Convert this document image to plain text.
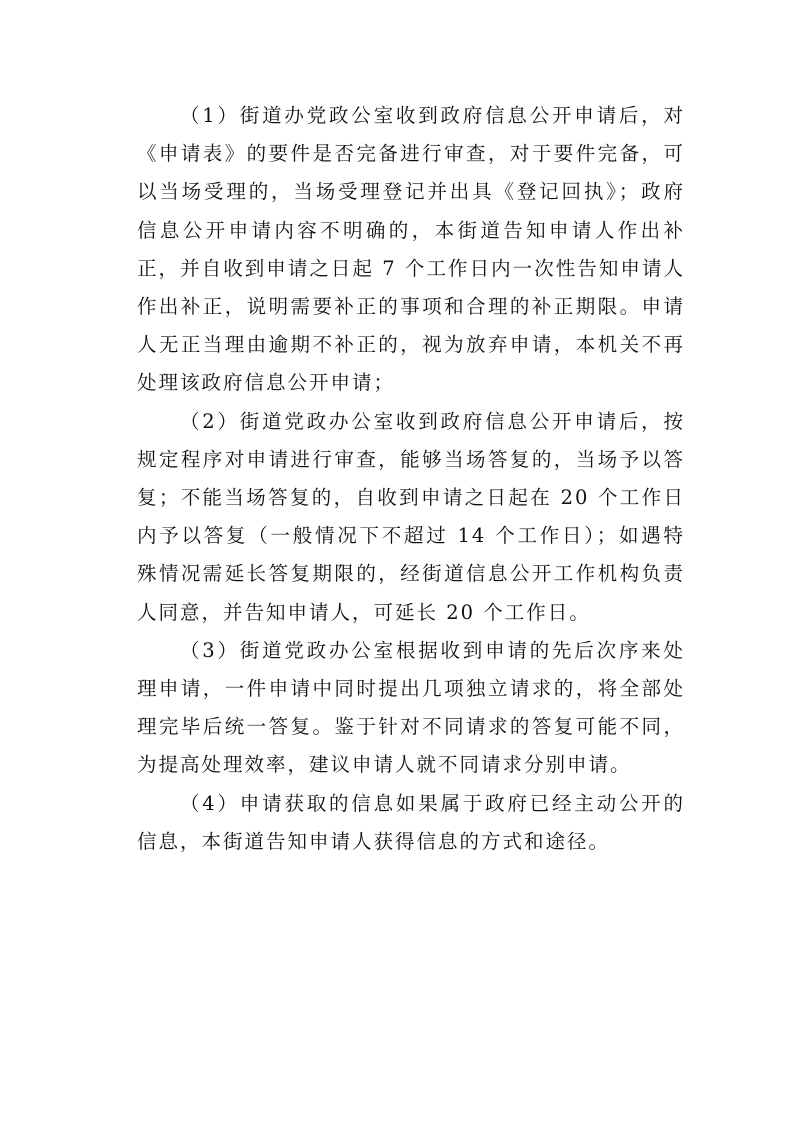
（1）街道办党政公室收到政府信息公开申请后，对《申请表》的要件是否完备进行审查，对于要件完备，可以当场受理的，当场受理登记并出具《登记回执》；政府信息公开申请内容不明确的，本街道告知申请人作出补正，并自收到申请之日起 7 个工作日内一次性告知申请人作出补正，说明需要补正的事项和合理的补正期限。申请人无正当理由逾期不补正的，视为放弃申请，本机关不再处理该政府信息公开申请；

（2）街道党政办公室收到政府信息公开申请后，按规定程序对申请进行审查，能够当场答复的，当场予以答复；不能当场答复的，自收到申请之日起在 20 个工作日内予以答复（一般情况下不超过 14 个工作日）；如遇特殊情况需延长答复期限的，经街道信息公开工作机构负责人同意，并告知申请人，可延长 20 个工作日。

（3）街道党政办公室根据收到申请的先后次序来处理申请，一件申请中同时提出几项独立请求的，将全部处理完毕后统一答复。鉴于针对不同请求的答复可能不同，为提高处理效率，建议申请人就不同请求分别申请。

（4）申请获取的信息如果属于政府已经主动公开的信息，本街道告知申请人获得信息的方式和途径。
